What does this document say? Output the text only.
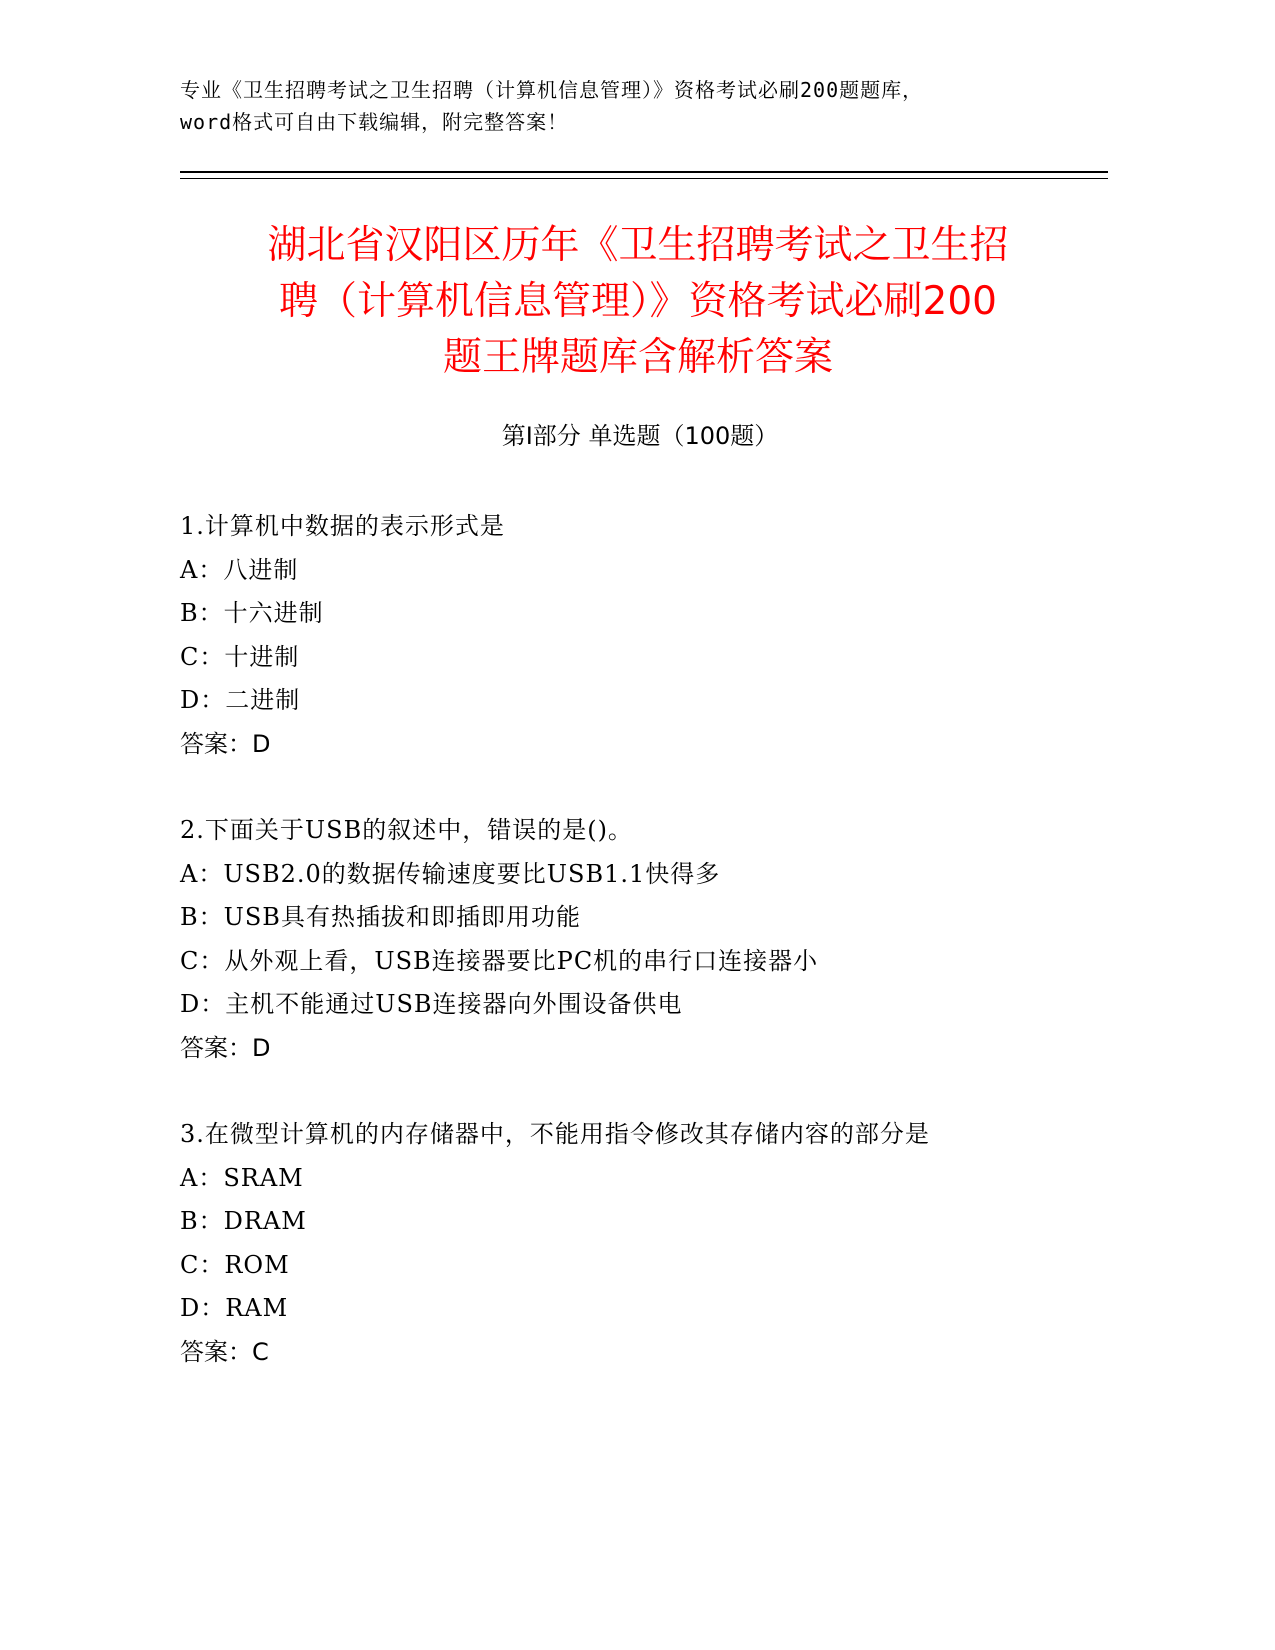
专业《卫生招聘考试之卫生招聘（计算机信息管理）》资格考试必刷200题题库，
word格式可自由下载编辑，附完整答案！
湖北省汉阳区历年《卫生招聘考试之卫生招
聘（计算机信息管理）》资格考试必刷200
题王牌题库含解析答案
第Ⅰ部分 单选题（100题）
1.计算机中数据的表示形式是
A：八进制
B：十六进制
C：十进制
D：二进制
答案：D
2.下面关于USB的叙述中，错误的是()。
A：USB2.0的数据传输速度要比USB1.1快得多
B：USB具有热插拔和即插即用功能
C：从外观上看，USB连接器要比PC机的串行口连接器小
D：主机不能通过USB连接器向外围设备供电
答案：D
3.在微型计算机的内存储器中，不能用指令修改其存储内容的部分是
A：SRAM
B：DRAM
C：ROM
D：RAM
答案：C
